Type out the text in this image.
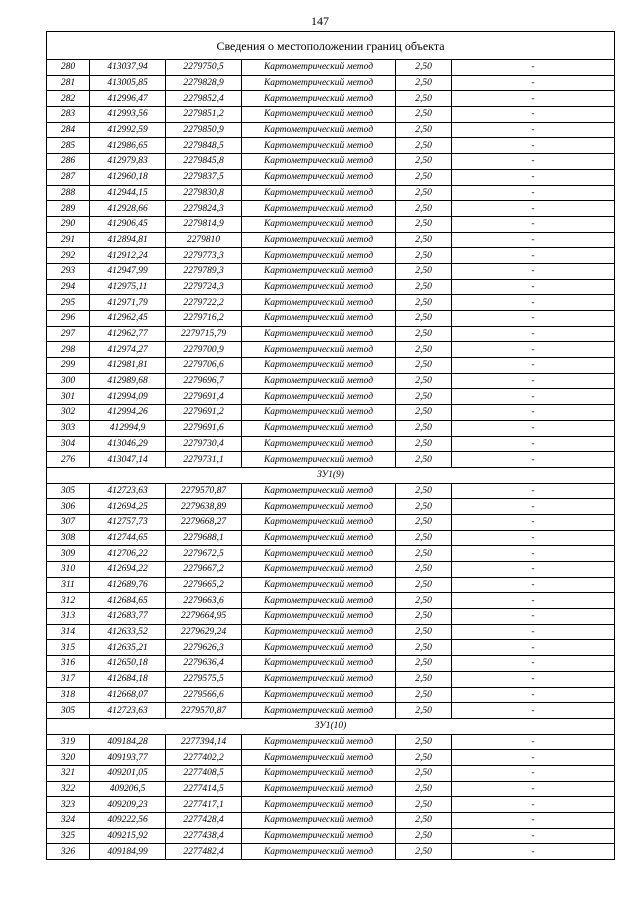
147
Сведения о местоположении границ объекта					
280	413037,94	2279750,5	Картометрический метод	2,50	-
281	413005,85	2279828,9	Картометрический метод	2,50	-
282	412996,47	2279852,4	Картометрический метод	2,50	-
283	412993,56	2279851,2	Картометрический метод	2,50	-
284	412992,59	2279850,9	Картометрический метод	2,50	-
285	412986,65	2279848,5	Картометрический метод	2,50	-
286	412979,83	2279845,8	Картометрический метод	2,50	-
287	412960,18	2279837,5	Картометрический метод	2,50	-
288	412944,15	2279830,8	Картометрический метод	2,50	-
289	412928,66	2279824,3	Картометрический метод	2,50	-
290	412906,45	2279814,9	Картометрический метод	2,50	-
291	412894,81	2279810	Картометрический метод	2,50	-
292	412912,24	2279773,3	Картометрический метод	2,50	-
293	412947,99	2279789,3	Картометрический метод	2,50	-
294	412975,11	2279724,3	Картометрический метод	2,50	-
295	412971,79	2279722,2	Картометрический метод	2,50	-
296	412962,45	2279716,2	Картометрический метод	2,50	-
297	412962,77	2279715,79	Картометрический метод	2,50	-
298	412974,27	2279700,9	Картометрический метод	2,50	-
299	412981,81	2279706,6	Картометрический метод	2,50	-
300	412989,68	2279696,7	Картометрический метод	2,50	-
301	412994,09	2279691,4	Картометрический метод	2,50	-
302	412994,26	2279691,2	Картометрический метод	2,50	-
303	412994,9	2279691,6	Картометрический метод	2,50	-
304	413046,29	2279730,4	Картометрический метод	2,50	-
276	413047,14	2279731,1	Картометрический метод	2,50	-
ЗУ1(9)					
305	412723,63	2279570,87	Картометрический метод	2,50	-
306	412694,25	2279638,89	Картометрический метод	2,50	-
307	412757,73	2279668,27	Картометрический метод	2,50	-
308	412744,65	2279688,1	Картометрический метод	2,50	-
309	412706,22	2279672,5	Картометрический метод	2,50	-
310	412694,22	2279667,2	Картометрический метод	2,50	-
311	412689,76	2279665,2	Картометрический метод	2,50	-
312	412684,65	2279663,6	Картометрический метод	2,50	-
313	412683,77	2279664,95	Картометрический метод	2,50	-
314	412633,52	2279629,24	Картометрический метод	2,50	-
315	412635,21	2279626,3	Картометрический метод	2,50	-
316	412650,18	2279636,4	Картометрический метод	2,50	-
317	412684,18	2279575,5	Картометрический метод	2,50	-
318	412668,07	2279566,6	Картометрический метод	2,50	-
305	412723,63	2279570,87	Картометрический метод	2,50	-
ЗУ1(10)					
319	409184,28	2277394,14	Картометрический метод	2,50	-
320	409193,77	2277402,2	Картометрический метод	2,50	-
321	409201,05	2277408,5	Картометрический метод	2,50	-
322	409206,5	2277414,5	Картометрический метод	2,50	-
323	409209,23	2277417,1	Картометрический метод	2,50	-
324	409222,56	2277428,4	Картометрический метод	2,50	-
325	409215,92	2277438,4	Картометрический метод	2,50	-
326	409184,99	2277482,4	Картометрический метод	2,50	-
